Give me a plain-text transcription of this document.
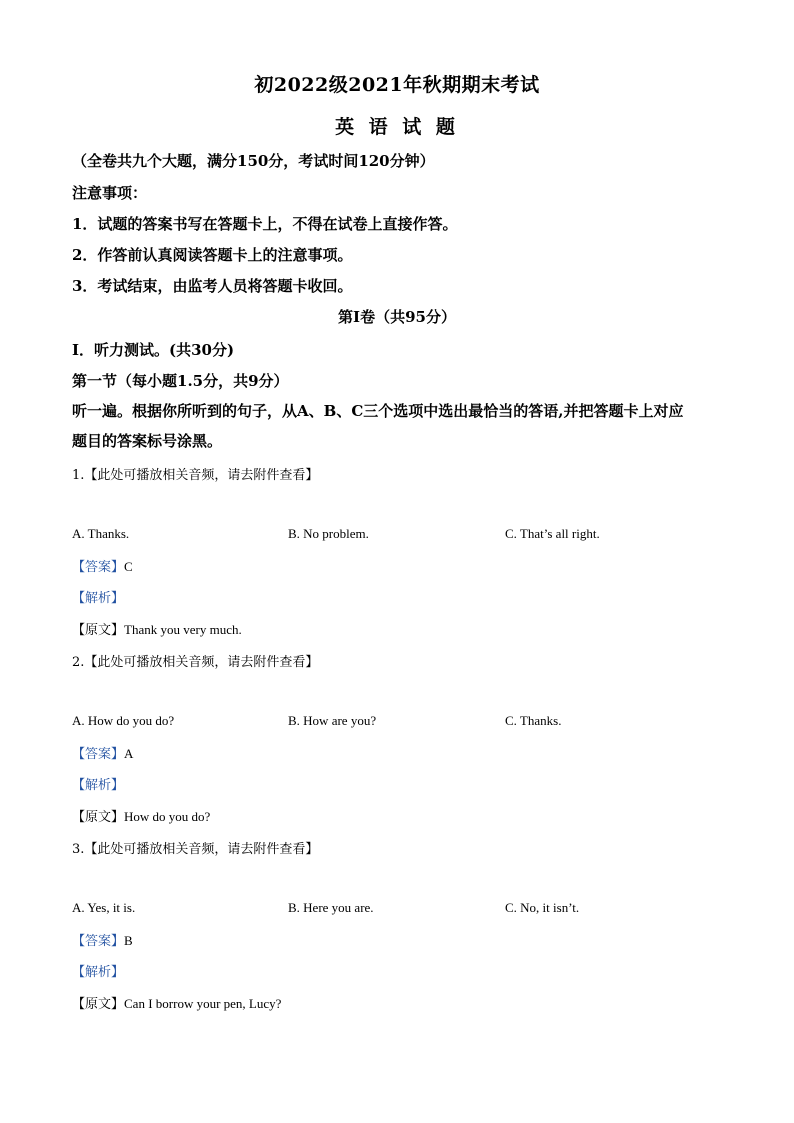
初2022级2021年秋期期末考试
英 语 试 题
（全卷共九个大题，满分150分，考试时间120分钟）
注意事项：
1．试题的答案书写在答题卡上，不得在试卷上直接作答。
2．作答前认真阅读答题卡上的注意事项。
3．考试结束，由监考人员将答题卡收回。
第Ⅰ卷（共95分）
I．听力测试。(共30分)
第一节（每小题1.5分，共9分）
听一遍。根据你所听到的句子，从A、B、C三个选项中选出最恰当的答语,并把答题卡上对应
题目的答案标号涂黑。
1.【此处可播放相关音频，请去附件查看】
A. Thanks.	B. No problem.	C. That’s all right.
【答案】C
【解析】
【原文】Thank you very much.
2.【此处可播放相关音频，请去附件查看】
A. How do you do?	B. How are you?	C. Thanks.
【答案】A
【解析】
【原文】How do you do?
3.【此处可播放相关音频，请去附件查看】
A. Yes, it is.	B. Here you are.	C. No, it isn’t.
【答案】B
【解析】
【原文】Can I borrow your pen, Lucy?
